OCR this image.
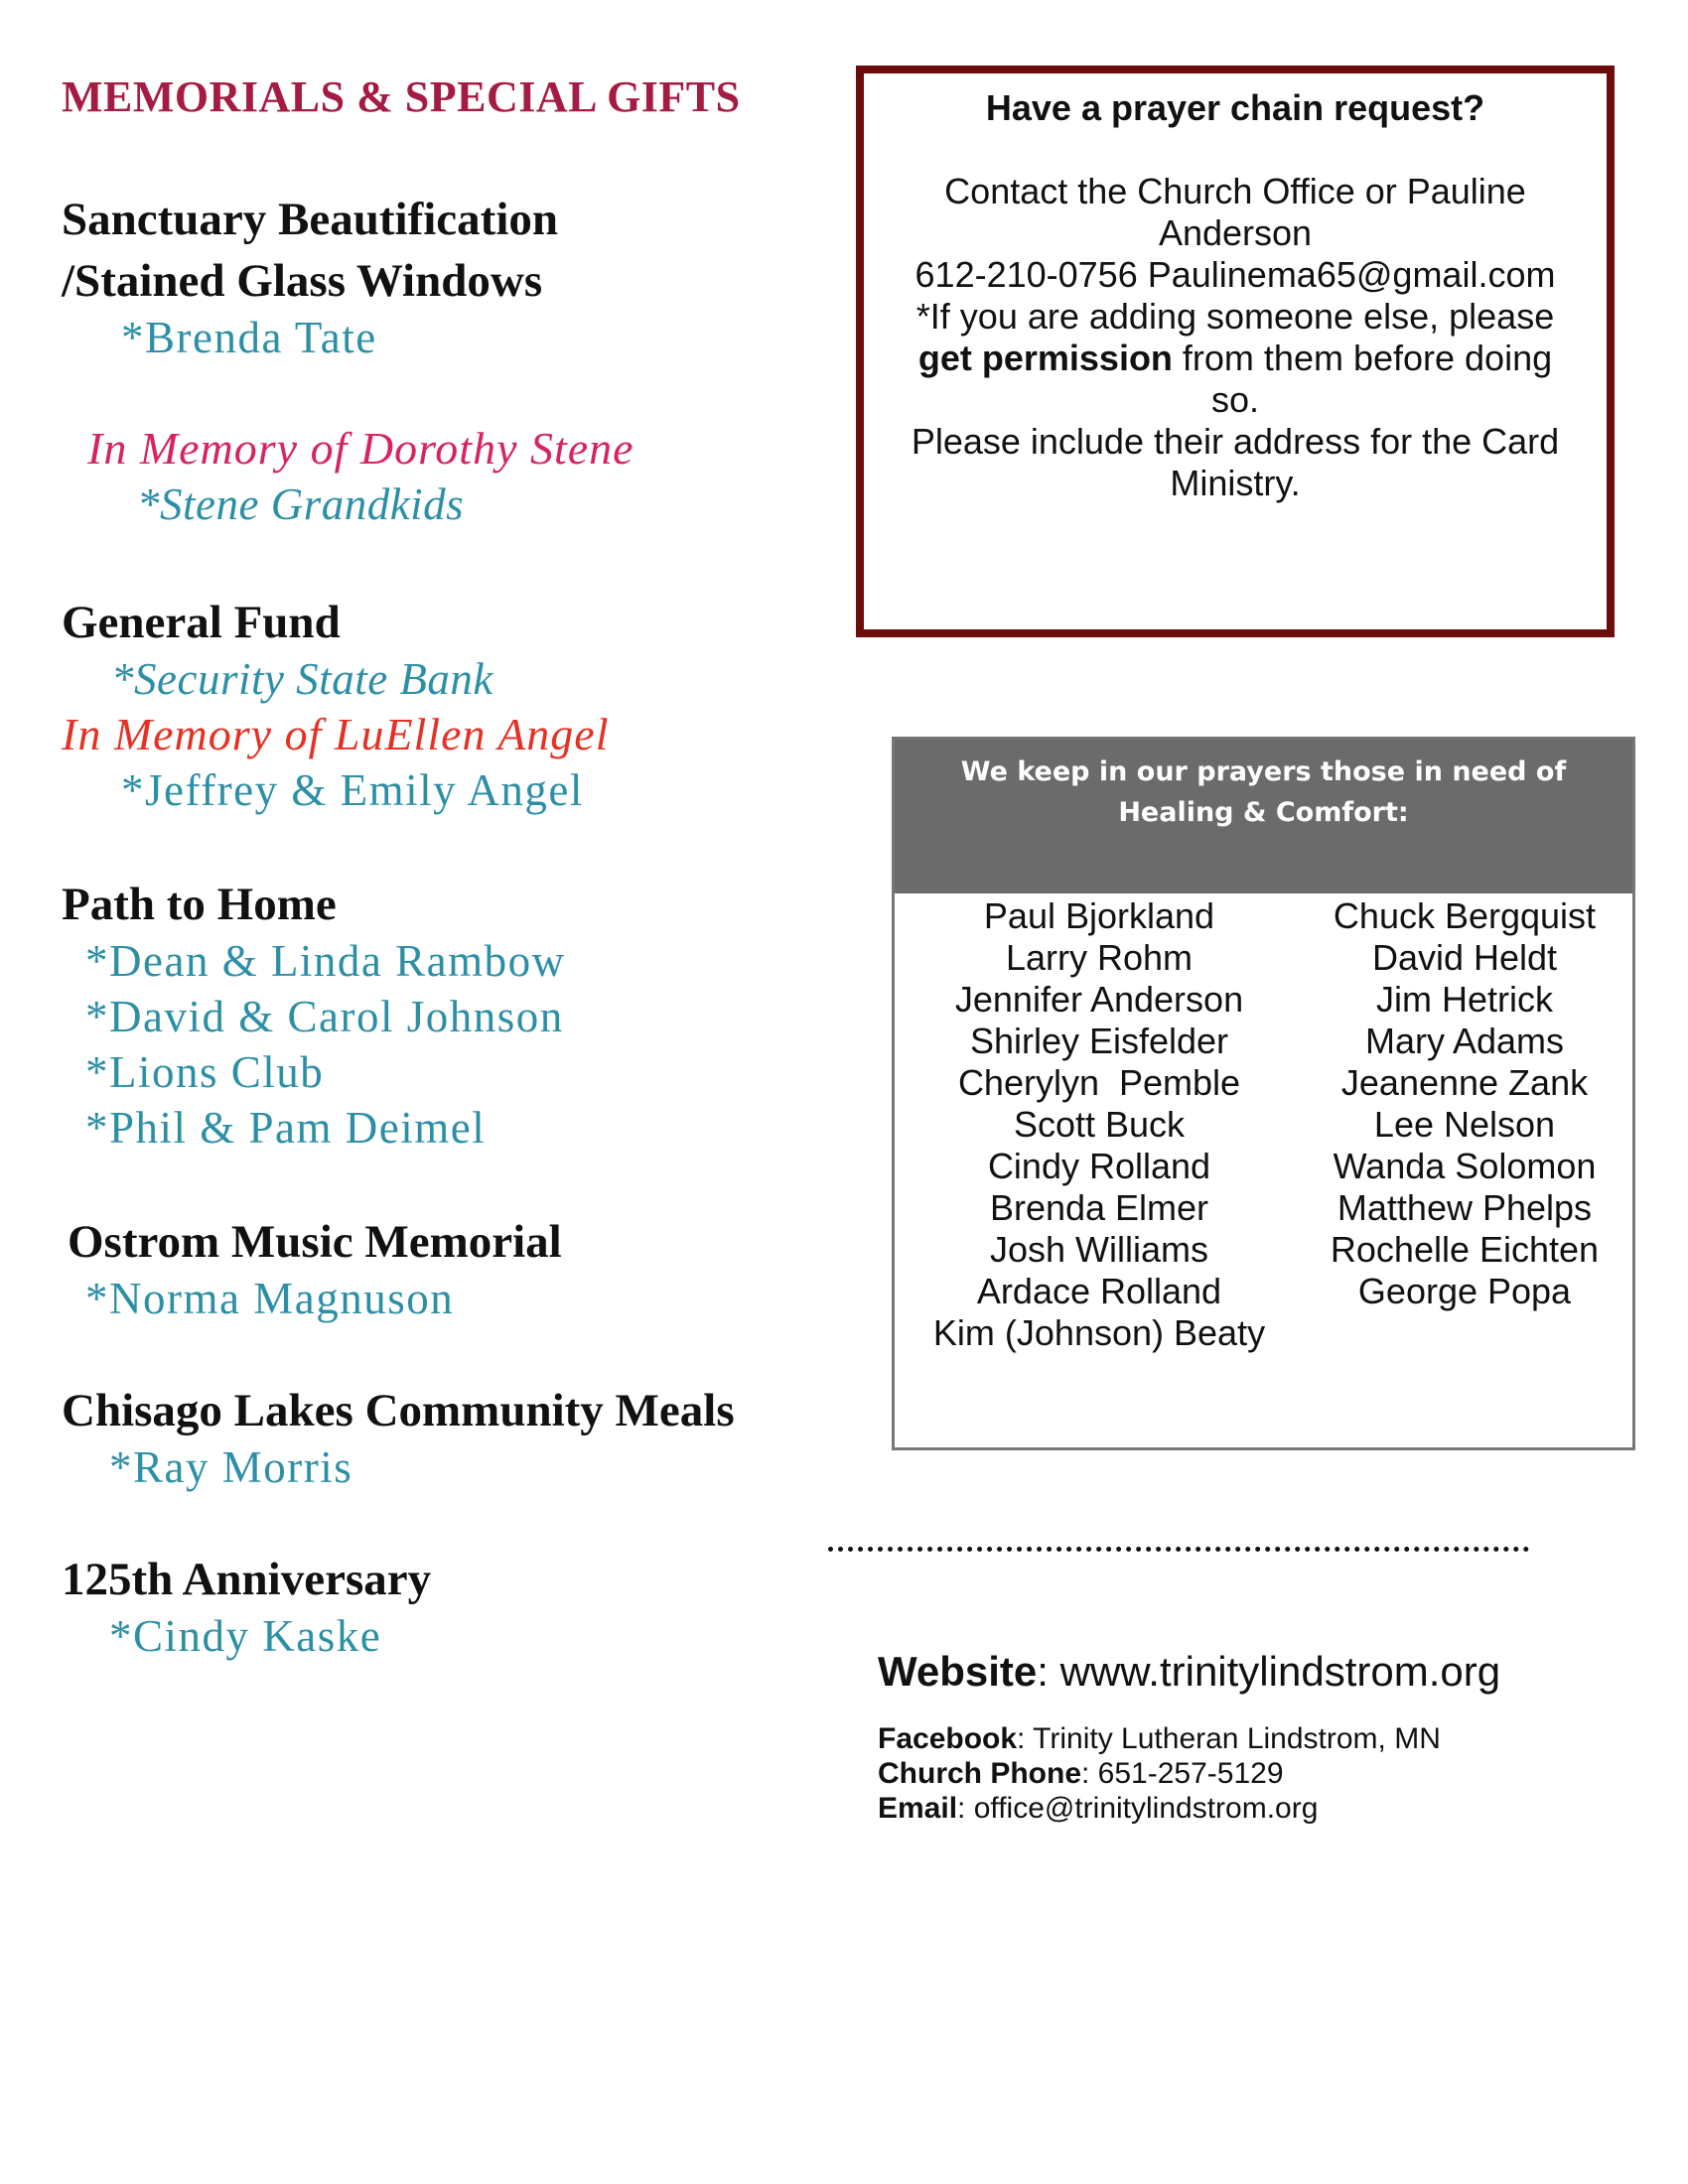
MEMORIALS & SPECIAL GIFTS
Sanctuary Beautification
/Stained Glass Windows
*Brenda Tate
In Memory of Dorothy Stene
*Stene Grandkids
General Fund
*Security State Bank
In Memory of LuEllen Angel
*Jeffrey & Emily Angel
Path to Home
*Dean & Linda Rambow
*David & Carol Johnson
*Lions Club
*Phil & Pam Deimel
Ostrom Music Memorial
*Norma Magnuson
Chisago Lakes Community Meals
*Ray Morris
125th Anniversary
*Cindy Kaske
Have a prayer chain request?
Contact the Church Office or Pauline
Anderson
612-210-0756 Paulinema65@gmail.com
*If you are adding someone else, please
get permission from them before doing
so.
Please include their address for the Card
Ministry.
We keep in our prayers those in need of
Healing & Comfort:
Paul Bjorkland
Larry Rohm
Jennifer Anderson
Shirley Eisfelder
Cherylyn  Pemble
Scott Buck
Cindy Rolland
Brenda Elmer
Josh Williams
Ardace Rolland
Kim (Johnson) Beaty
Chuck Bergquist
David Heldt
Jim Hetrick
Mary Adams
Jeanenne Zank
Lee Nelson
Wanda Solomon
Matthew Phelps
Rochelle Eichten
George Popa
Website: www.trinitylindstrom.org
Facebook: Trinity Lutheran Lindstrom, MN
Church Phone: 651-257-5129
Email: office@trinitylindstrom.org
